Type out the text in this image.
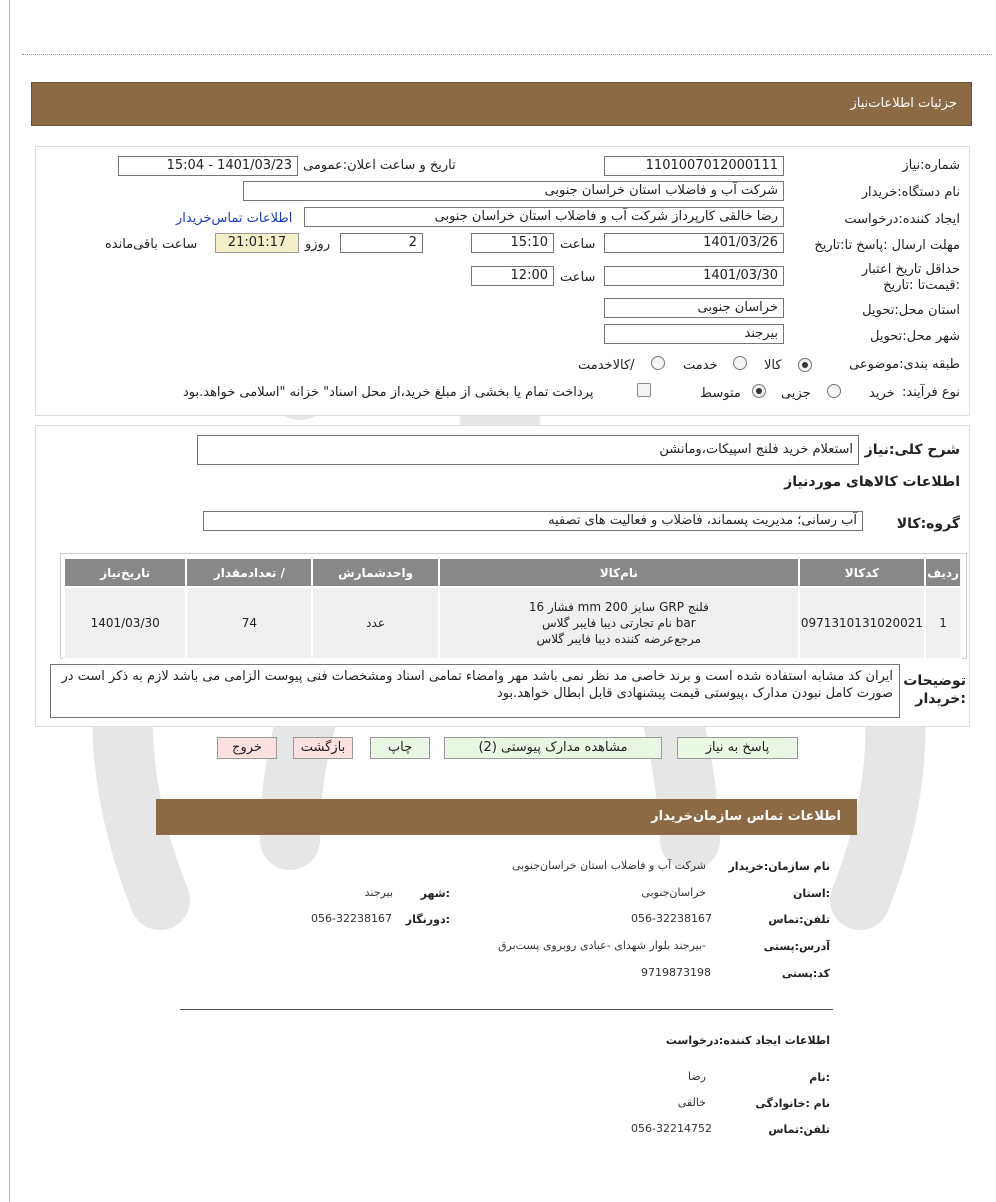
جزئیات اطلاعات‌نیاز
شماره:نیاز
1101007012000111
تاریخ و ساعت اعلان:عمومی
1401/03/23 - 15:04
نام دستگاه:خریدار
شرکت آب و فاضلاب استان خراسان جنوبی
ایجاد کننده:درخواست
رضا خالقی کارپرداز شرکت آب و فاضلاب استان خراسان جنوبی
اطلاعات تماس‌خریدار
مهلت ارسال :پاسخ تا:تاریخ
1401/03/26
ساعت
15:10
2
روزو
21:01:17
ساعت باقی‌مانده
حداقل تاریخ اعتبار :قیمت‌تا :تاریخ
1401/03/30
ساعت
12:00
استان محل:تحویل
خراسان جنوبی
شهر محل:تحویل
بیرجند
طبقه بندی:موضوعی
کالا
خدمت
/کالاخدمت
نوع فرآیند:
خرید
جزیی
متوسط
پرداخت تمام یا بخشی از مبلغ خرید،از محل اسناد" خزانه "اسلامی خواهد.بود
شرح کلی:نیاز
استعلام خرید فلنج اسپیکات،ومانشن
اطلاعات کالاهای موردنیاز
گروه:کالا
آب رسانی؛ مدیریت پسماند، فاضلاب و فعالیت های تصفیه
ردیف	کدکالا	نام‌کالا	واحدشمارش	/ تعدادمقدار	تاریخ‌نیاز
1	0971310131020021	فلنج GRP سایز 200 mm فشار 16 bar نام تجارتی دیبا فایبر گلاس مرجع‌عرضه کننده دیبا فایبر گلاس	عدد	74	1401/03/30
توضیحات :خریدار
ایران کد مشابه استفاده شده است و برند خاصی مد نظر نمی باشد مهر وامضاء تمامی اسناد ومشخصات فنی پیوست الزامی می باشد لازم به ذکر است در صورت کامل نبودن مدارک ،پیوستی قیمت پیشنهادی قابل ابطال خواهد.بود
پاسخ به نیاز
مشاهده مدارک پیوستی (2)
چاپ
بازگشت
خروج
اطلاعات تماس سازمان‌خریدار
نام سازمان:خریدار
شرکت آب و فاضلاب استان خراسان‌جنوبی
:استان
خراسان‌جنوبی
:شهر
بیرجند
تلفن:تماس
056-32238167
:دورنگار
056-32238167
آدرس:پستی
-بیرجند بلوار شهدای -عبادی روبروی پست‌برق
کد:پستی
9719873198
اطلاعات ایجاد کننده:درخواست
:نام
رضا
نام :خانوادگی
خالقی
تلفن:تماس
056-32214752
